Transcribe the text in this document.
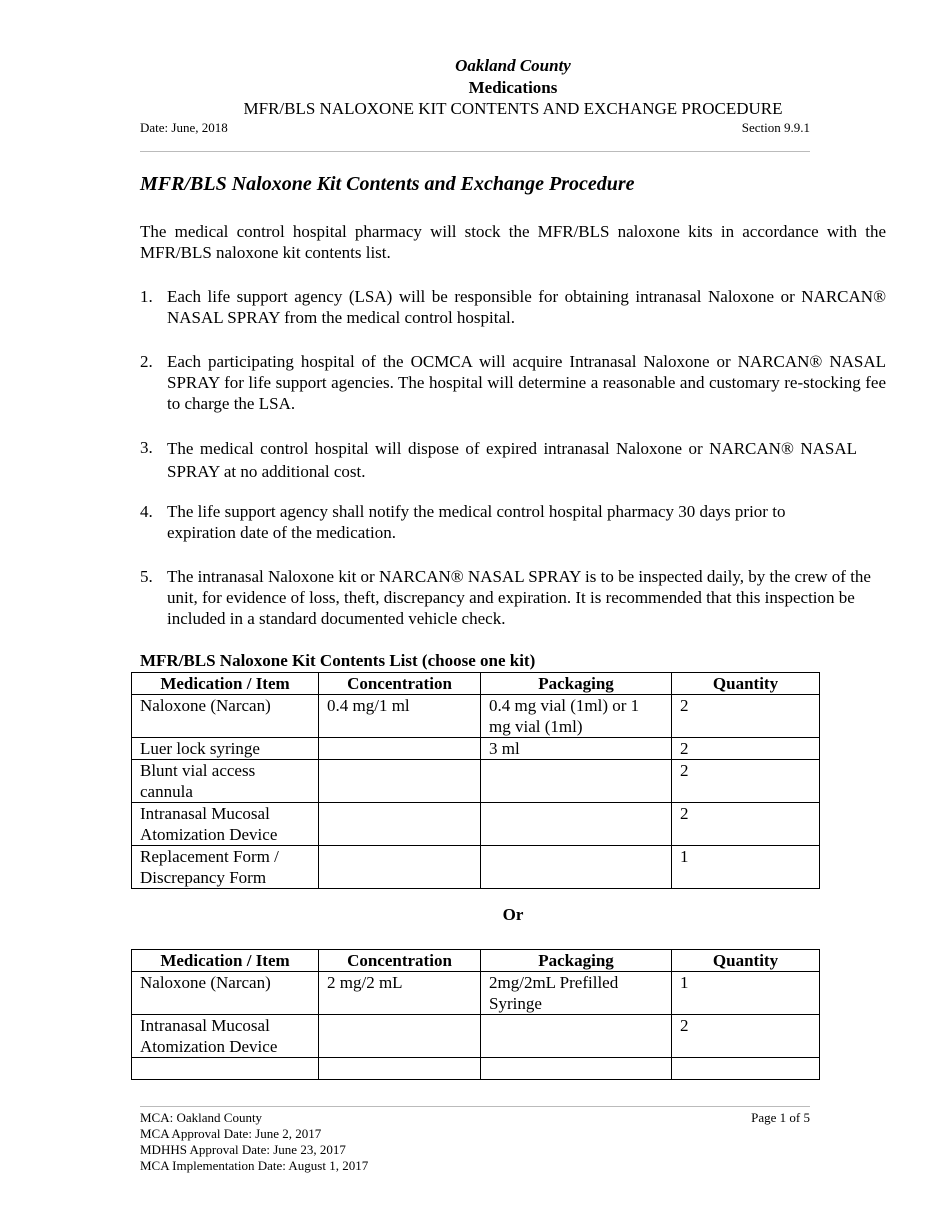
Oakland County
Medications
MFR/BLS NALOXONE KIT CONTENTS AND EXCHANGE PROCEDURE
Date: June, 2018	Section 9.9.1
MFR/BLS Naloxone Kit Contents and Exchange Procedure
The medical control hospital pharmacy will stock the MFR/BLS naloxone kits in accordance with the MFR/BLS naloxone kit contents list.
1. Each life support agency (LSA) will be responsible for obtaining intranasal Naloxone or NARCAN® NASAL SPRAY from the medical control hospital.
2. Each participating hospital of the OCMCA will acquire Intranasal Naloxone or NARCAN® NASAL SPRAY for life support agencies. The hospital will determine a reasonable and customary re-stocking fee to charge the LSA.
3. The medical control hospital will dispose of expired intranasal Naloxone or NARCAN® NASAL SPRAY at no additional cost.
4. The life support agency shall notify the medical control hospital pharmacy 30 days prior to expiration date of the medication.
5. The intranasal Naloxone kit or NARCAN® NASAL SPRAY is to be inspected daily, by the crew of the unit, for evidence of loss, theft, discrepancy and expiration. It is recommended that this inspection be included in a standard documented vehicle check.
MFR/BLS Naloxone Kit Contents List (choose one kit)
Medication / Item	Concentration	Packaging	Quantity
Naloxone (Narcan)	0.4 mg/1 ml	0.4 mg vial (1ml) or 1 mg vial (1ml)	2
Luer lock syringe		3 ml	2
Blunt vial access cannula			2
Intranasal Mucosal Atomization Device			2
Replacement Form / Discrepancy Form			1
Or
Medication / Item	Concentration	Packaging	Quantity
Naloxone (Narcan)	2 mg/2 mL	2mg/2mL Prefilled Syringe	1
Intranasal Mucosal Atomization Device			2

MCA: Oakland County
MCA Approval Date: June 2, 2017
MDHHS Approval Date: June 23, 2017
MCA Implementation Date: August 1, 2017
Page 1 of 5
